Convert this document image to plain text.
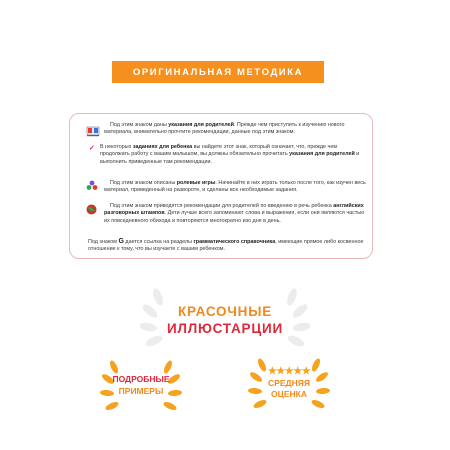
ОРИГИНАЛЬНАЯ МЕТОДИКА
Под этим знаком даны указания для родителей. Прежде чем приступить к изучению нового материала, внимательно прочтите рекомендации, данные под этим знаком.
✓ В некоторых заданиях для ребенка вы найдете этот знак, который означает, что, прежде чем продолжать работу с вашим малышом, вы должны обязательно прочитать указания для родителей и выполнить приведенные там рекомендации.
Под этим знаком описаны ролевые игры. Начинайте в них играть только после того, как изучен весь материал, приведенный на развороте, и сделаны все необходимые задания.
Под этим знаком приводятся рекомендации для родителей по введению в речь ребенка английских разговорных штампов. Дети лучше всего запоминают слова и выражения, если они являются частью их повседневного обихода и повторяются многократно изо дня в день.
Под знаком G дается ссылка на разделы грамматического справочника, имеющие прямое либо косвенное отношение к тому, что вы изучаете с вашим ребенком.
КРАСОЧНЫЕ
ИЛЛЮСТАРЦИИ
ПОДРОБНЫЕ
ПРИМЕРЫ
★★★★★
СРЕДНЯЯ
ОЦЕНКА
